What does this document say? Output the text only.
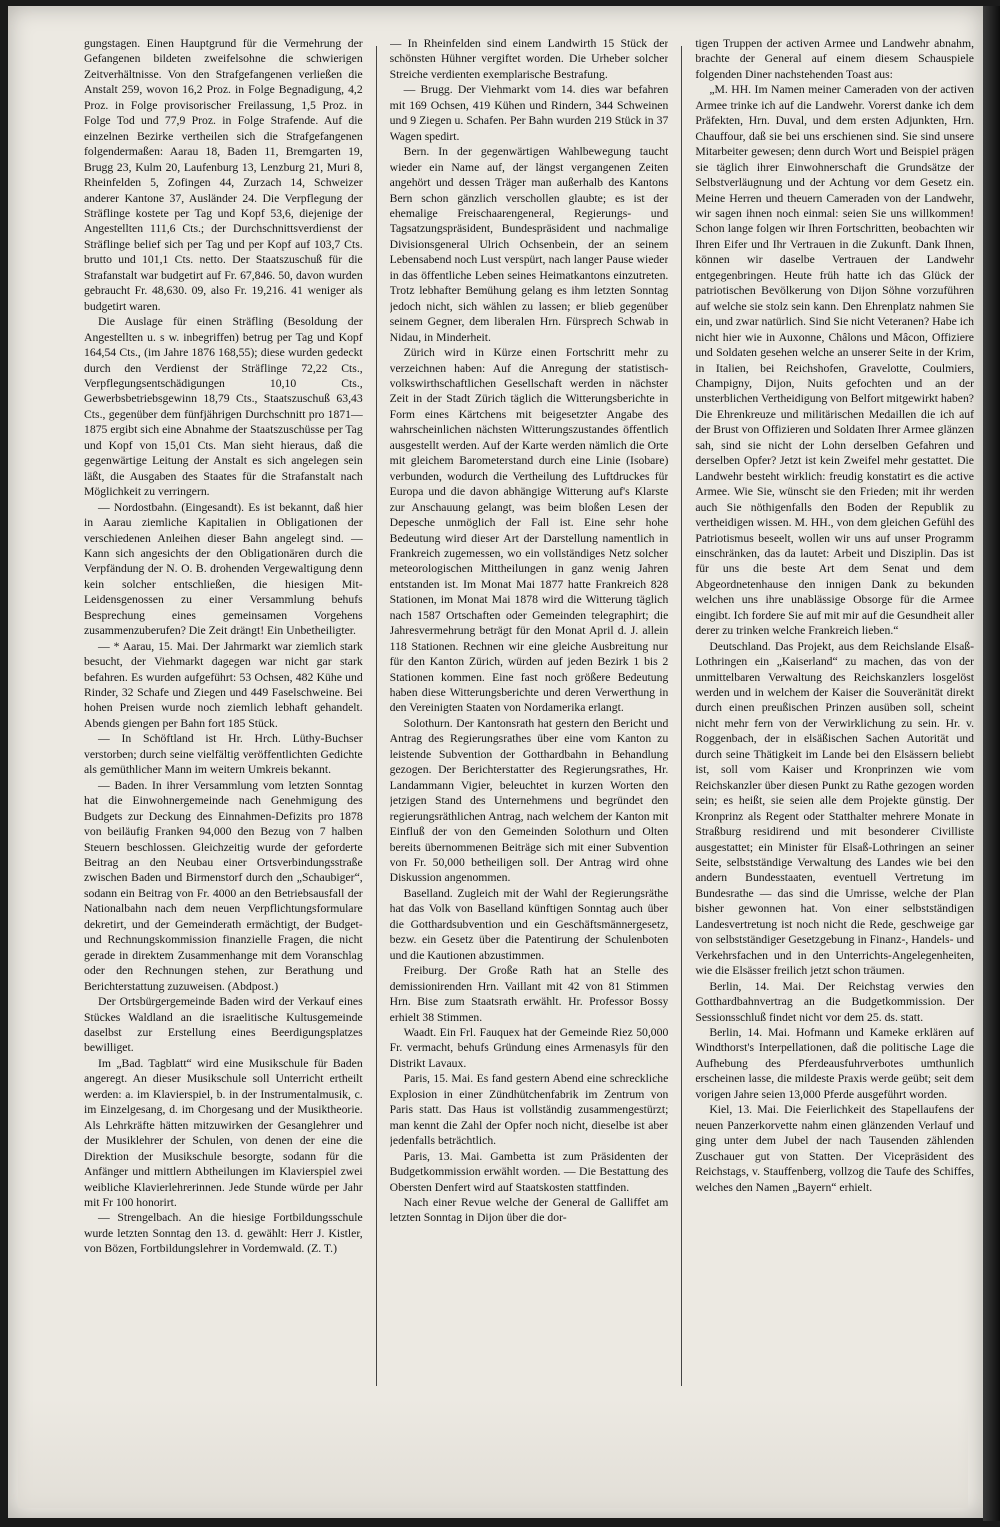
gungstagen. Einen Hauptgrund für die Vermehrung der Gefangenen bildeten zweifelsohne die schwierigen Zeitverhältnisse. Von den Strafgefangenen verließen die Anstalt 259, wovon 16,2 Proz. in Folge Begnadigung, 4,2 Proz. in Folge provisorischer Freilassung, 1,5 Proz. in Folge Tod und 77,9 Proz. in Folge Strafende. Auf die einzelnen Bezirke vertheilen sich die Strafgefangenen folgendermaßen: Aarau 18, Baden 11, Bremgarten 19, Brugg 23, Kulm 20, Laufenburg 13, Lenzburg 21, Muri 8, Rheinfelden 5, Zofingen 44, Zurzach 14, Schweizer anderer Kantone 37, Ausländer 24. Die Verpflegung der Sträflinge kostete per Tag und Kopf 53,6, diejenige der Angestellten 111,6 Cts.; der Durchschnittsverdienst der Sträflinge belief sich per Tag und per Kopf auf 103,7 Cts. brutto und 101,1 Cts. netto. Der Staatszuschuß für die Strafanstalt war budgetirt auf Fr. 67,846. 50, davon wurden gebraucht Fr. 48,630. 09, also Fr. 19,216. 41 weniger als budgetirt waren.

Die Auslage für einen Sträfling (Besoldung der Angestellten u. s w. inbegriffen) betrug per Tag und Kopf 164,54 Cts., (im Jahre 1876 168,55); diese wurden gedeckt durch den Verdienst der Sträflinge 72,22 Cts., Verpflegungsentschädigungen 10,10 Cts., Gewerbsbetriebsgewinn 18,79 Cts., Staatszuschuß 63,43 Cts., gegenüber dem fünfjährigen Durchschnitt pro 1871—1875 ergibt sich eine Abnahme der Staatszuschüsse per Tag und Kopf von 15,01 Cts. Man sieht hieraus, daß die gegenwärtige Leitung der Anstalt es sich angelegen sein läßt, die Ausgaben des Staates für die Strafanstalt nach Möglichkeit zu verringern.

— Nordostbahn. (Eingesandt). Es ist bekannt, daß hier in Aarau ziemliche Kapitalien in Obligationen der verschiedenen Anleihen dieser Bahn angelegt sind. — Kann sich angesichts der den Obligationären durch die Verpfändung der N. O. B. drohenden Vergewaltigung denn kein solcher entschließen, die hiesigen Mit-Leidensgenossen zu einer Versammlung behufs Besprechung eines gemeinsamen Vorgehens zusammenzuberufen? Die Zeit drängt! Ein Unbetheiligter.

— * Aarau, 15. Mai. Der Jahrmarkt war ziemlich stark besucht, der Viehmarkt dagegen war nicht gar stark befahren. Es wurden aufgeführt: 53 Ochsen, 482 Kühe und Rinder, 32 Schafe und Ziegen und 449 Faselschweine. Bei hohen Preisen wurde noch ziemlich lebhaft gehandelt. Abends giengen per Bahn fort 185 Stück.

— In Schöftland ist Hr. Hrch. Lüthy-Buchser verstorben; durch seine vielfältig veröffentlichten Gedichte als gemüthlicher Mann im weitern Umkreis bekannt.

— Baden. In ihrer Versammlung vom letzten Sonntag hat die Einwohnergemeinde nach Genehmigung des Budgets zur Deckung des Einnahmen-Defizits pro 1878 von beiläufig Franken 94,000 den Bezug von 7 halben Steuern beschlossen. Gleichzeitig wurde der geforderte Beitrag an den Neubau einer Ortsverbindungsstraße zwischen Baden und Birmenstorf durch den „Schaubiger“, sodann ein Beitrag von Fr. 4000 an den Betriebsausfall der Nationalbahn nach dem neuen Verpflichtungsformulare dekretirt, und der Gemeinderath ermächtigt, der Budget- und Rechnungskommission finanzielle Fragen, die nicht gerade in direktem Zusammenhange mit dem Voranschlag oder den Rechnungen stehen, zur Berathung und Berichterstattung zuzuweisen. (Abdpost.)

Der Ortsbürgergemeinde Baden wird der Verkauf eines Stückes Waldland an die israelitische Kultusgemeinde daselbst zur Erstellung eines Beerdigungsplatzes bewilliget.

Im „Bad. Tagblatt“ wird eine Musikschule für Baden angeregt. An dieser Musikschule soll Unterricht ertheilt werden: a. im Klavierspiel, b. in der Instrumentalmusik, c. im Einzelgesang, d. im Chorgesang und der Musiktheorie. Als Lehrkräfte hätten mitzuwirken der Gesanglehrer und der Musiklehrer der Schulen, von denen der eine die Direktion der Musikschule besorgte, sodann für die Anfänger und mittlern Abtheilungen im Klavierspiel zwei weibliche Klavierlehrerinnen. Jede Stunde würde per Jahr mit Fr 100 honorirt.

— Strengelbach. An die hiesige Fortbildungsschule wurde letzten Sonntag den 13. d. gewählt: Herr J. Kistler, von Bözen, Fortbildungslehrer in Vordemwald. (Z. T.)

— In Rheinfelden sind einem Landwirth 15 Stück der schönsten Hühner vergiftet worden. Die Urheber solcher Streiche verdienten exemplarische Bestrafung.

— Brugg. Der Viehmarkt vom 14. dies war befahren mit 169 Ochsen, 419 Kühen und Rindern, 344 Schweinen und 9 Ziegen u. Schafen. Per Bahn wurden 219 Stück in 37 Wagen spedirt.

Bern. In der gegenwärtigen Wahlbewegung taucht wieder ein Name auf, der längst vergangenen Zeiten angehört und dessen Träger man außerhalb des Kantons Bern schon gänzlich verschollen glaubte; es ist der ehemalige Freischaarengeneral, Regierungs- und Tagsatzungspräsident, Bundespräsident und nachmalige Divisionsgeneral Ulrich Ochsenbein, der an seinem Lebensabend noch Lust verspürt, nach langer Pause wieder in das öffentliche Leben seines Heimatkantons einzutreten. Trotz lebhafter Bemühung gelang es ihm letzten Sonntag jedoch nicht, sich wählen zu lassen; er blieb gegenüber seinem Gegner, dem liberalen Hrn. Fürsprech Schwab in Nidau, in Minderheit.

Zürich wird in Kürze einen Fortschritt mehr zu verzeichnen haben: Auf die Anregung der statistisch-volkswirthschaftlichen Gesellschaft werden in nächster Zeit in der Stadt Zürich täglich die Witterungsberichte in Form eines Kärtchens mit beigesetzter Angabe des wahrscheinlichen nächsten Witterungszustandes öffentlich ausgestellt werden. Auf der Karte werden nämlich die Orte mit gleichem Barometerstand durch eine Linie (Isobare) verbunden, wodurch die Vertheilung des Luftdruckes für Europa und die davon abhängige Witterung auf's Klarste zur Anschauung gelangt, was beim bloßen Lesen der Depesche unmöglich der Fall ist. Eine sehr hohe Bedeutung wird dieser Art der Darstellung namentlich in Frankreich zugemessen, wo ein vollständiges Netz solcher meteorologischen Mittheilungen in ganz wenig Jahren entstanden ist. Im Monat Mai 1877 hatte Frankreich 828 Stationen, im Monat Mai 1878 wird die Witterung täglich nach 1587 Ortschaften oder Gemeinden telegraphirt; die Jahresvermehrung beträgt für den Monat April d. J. allein 118 Stationen. Rechnen wir eine gleiche Ausbreitung nur für den Kanton Zürich, würden auf jeden Bezirk 1 bis 2 Stationen kommen. Eine fast noch größere Bedeutung haben diese Witterungsberichte und deren Verwerthung in den Vereinigten Staaten von Nordamerika erlangt.

Solothurn. Der Kantonsrath hat gestern den Bericht und Antrag des Regierungsrathes über eine vom Kanton zu leistende Subvention der Gotthardbahn in Behandlung gezogen. Der Berichterstatter des Regierungsrathes, Hr. Landammann Vigier, beleuchtet in kurzen Worten den jetzigen Stand des Unternehmens und begründet den regierungsräthlichen Antrag, nach welchem der Kanton mit Einfluß der von den Gemeinden Solothurn und Olten bereits übernommenen Beiträge sich mit einer Subvention von Fr. 50,000 betheiligen soll. Der Antrag wird ohne Diskussion angenommen.

Baselland. Zugleich mit der Wahl der Regierungsräthe hat das Volk von Baselland künftigen Sonntag auch über die Gotthardsubvention und ein Geschäftsmännergesetz, bezw. ein Gesetz über die Patentirung der Schulenboten und die Kautionen abzustimmen.

Freiburg. Der Große Rath hat an Stelle des demissionirenden Hrn. Vaillant mit 42 von 81 Stimmen Hrn. Bise zum Staatsrath erwählt. Hr. Professor Bossy erhielt 38 Stimmen.

Waadt. Ein Frl. Fauquex hat der Gemeinde Riez 50,000 Fr. vermacht, behufs Gründung eines Armenasyls für den Distrikt Lavaux.

Paris, 15. Mai. Es fand gestern Abend eine schreckliche Explosion in einer Zündhütchenfabrik im Zentrum von Paris statt. Das Haus ist vollständig zusammengestürzt; man kennt die Zahl der Opfer noch nicht, dieselbe ist aber jedenfalls beträchtlich.

Paris, 13. Mai. Gambetta ist zum Präsidenten der Budgetkommission erwählt worden. — Die Bestattung des Obersten Denfert wird auf Staatskosten stattfinden.

Nach einer Revue welche der General de Galliffet am letzten Sonntag in Dijon über die dor-

tigen Truppen der activen Armee und Landwehr abnahm, brachte der General auf einem diesem Schauspiele folgenden Diner nachstehenden Toast aus:

„M. HH. Im Namen meiner Cameraden von der activen Armee trinke ich auf die Landwehr. Vorerst danke ich dem Präfekten, Hrn. Duval, und dem ersten Adjunkten, Hrn. Chauffour, daß sie bei uns erschienen sind. Sie sind unsere Mitarbeiter gewesen; denn durch Wort und Beispiel prägen sie täglich ihrer Einwohnerschaft die Grundsätze der Selbstverläugnung und der Achtung vor dem Gesetz ein. Meine Herren und theuern Cameraden von der Landwehr, wir sagen ihnen noch einmal: seien Sie uns willkommen! Schon lange folgen wir Ihren Fortschritten, beobachten wir Ihren Eifer und Ihr Vertrauen in die Zukunft. Dank Ihnen, können wir daselbe Vertrauen der Landwehr entgegenbringen. Heute früh hatte ich das Glück der patriotischen Bevölkerung von Dijon Söhne vorzuführen auf welche sie stolz sein kann. Den Ehrenplatz nahmen Sie ein, und zwar natürlich. Sind Sie nicht Veteranen? Habe ich nicht hier wie in Auxonne, Châlons und Mâcon, Offiziere und Soldaten gesehen welche an unserer Seite in der Krim, in Italien, bei Reichshofen, Gravelotte, Coulmiers, Champigny, Dijon, Nuits gefochten und an der unsterblichen Vertheidigung von Belfort mitgewirkt haben? Die Ehrenkreuze und militärischen Medaillen die ich auf der Brust von Offizieren und Soldaten Ihrer Armee glänzen sah, sind sie nicht der Lohn derselben Gefahren und derselben Opfer? Jetzt ist kein Zweifel mehr gestattet. Die Landwehr besteht wirklich: freudig konstatirt es die active Armee. Wie Sie, wünscht sie den Frieden; mit ihr werden auch Sie nöthigenfalls den Boden der Republik zu vertheidigen wissen. M. HH., von dem gleichen Gefühl des Patriotismus beseelt, wollen wir uns auf unser Programm einschränken, das da lautet: Arbeit und Disziplin. Das ist für uns die beste Art dem Senat und dem Abgeordnetenhause den innigen Dank zu bekunden welchen uns ihre unablässige Obsorge für die Armee eingibt. Ich fordere Sie auf mit mir auf die Gesundheit aller derer zu trinken welche Frankreich lieben.“

Deutschland. Das Projekt, aus dem Reichslande Elsaß-Lothringen ein „Kaiserland“ zu machen, das von der unmittelbaren Verwaltung des Reichskanzlers losgelöst werden und in welchem der Kaiser die Souveränität direkt durch einen preußischen Prinzen ausüben soll, scheint nicht mehr fern von der Verwirklichung zu sein. Hr. v. Roggenbach, der in elsäßischen Sachen Autorität und durch seine Thätigkeit im Lande bei den Elsässern beliebt ist, soll vom Kaiser und Kronprinzen wie vom Reichskanzler über diesen Punkt zu Rathe gezogen worden sein; es heißt, sie seien alle dem Projekte günstig. Der Kronprinz als Regent oder Statthalter mehrere Monate in Straßburg residirend und mit besonderer Civilliste ausgestattet; ein Minister für Elsaß-Lothringen an seiner Seite, selbstständige Verwaltung des Landes wie bei den andern Bundesstaaten, eventuell Vertretung im Bundesrathe — das sind die Umrisse, welche der Plan bisher gewonnen hat. Von einer selbstständigen Landesvertretung ist noch nicht die Rede, geschweige gar von selbstständiger Gesetzgebung in Finanz-, Handels- und Verkehrsfachen und in den Unterrichts-Angelegenheiten, wie die Elsässer freilich jetzt schon träumen.

Berlin, 14. Mai. Der Reichstag verwies den Gotthardbahnvertrag an die Budgetkommission. Der Sessionsschluß findet nicht vor dem 25. ds. statt.

Berlin, 14. Mai. Hofmann und Kameke erklären auf Windthorst's Interpellationen, daß die politische Lage die Aufhebung des Pferdeausfuhrverbotes umthunlich erscheinen lasse, die mildeste Praxis werde geübt; seit dem vorigen Jahre seien 13,000 Pferde ausgeführt worden.

Kiel, 13. Mai. Die Feierlichkeit des Stapellaufens der neuen Panzerkorvette nahm einen glänzenden Verlauf und ging unter dem Jubel der nach Tausenden zählenden Zuschauer gut von Statten. Der Vicepräsident des Reichstags, v. Stauffenberg, vollzog die Taufe des Schiffes, welches den Namen „Bayern“ erhielt.
